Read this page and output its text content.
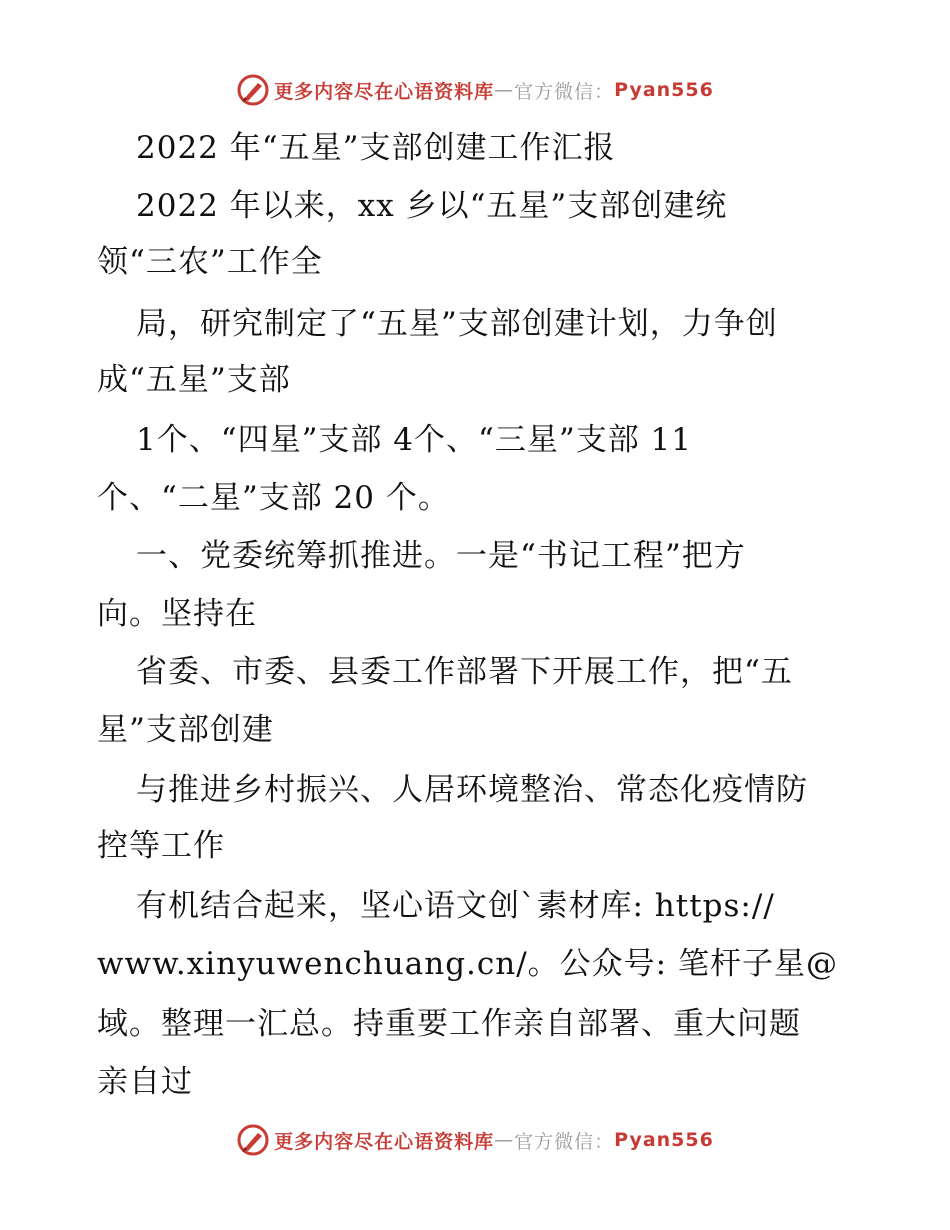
更多内容尽在心语资料库 — 官方微信： Pyan556
2022 年“五星”支部创建工作汇报
2022 年以来，xx 乡以“五星”支部创建统
领“三农”工作全
局，研究制定了“五星”支部创建计划，力争创
成“五星”支部
1个、“四星”支部 4个、“三星”支部 11
个、“二星”支部 20 个。
一、党委统筹抓推进。一是“书记工程”把方
向。坚持在
省委、市委、县委工作部署下开展工作，把“五
星”支部创建
与推进乡村振兴、人居环境整治、常态化疫情防
控等工作
有机结合起来，坚心语文创`素材库: https://
www.xinyuwenchuang.cn/。公众号: 笔杆子星@
域。整理一汇总。持重要工作亲自部署、重大问题
亲自过
更多内容尽在心语资料库 — 官方微信： Pyan556
